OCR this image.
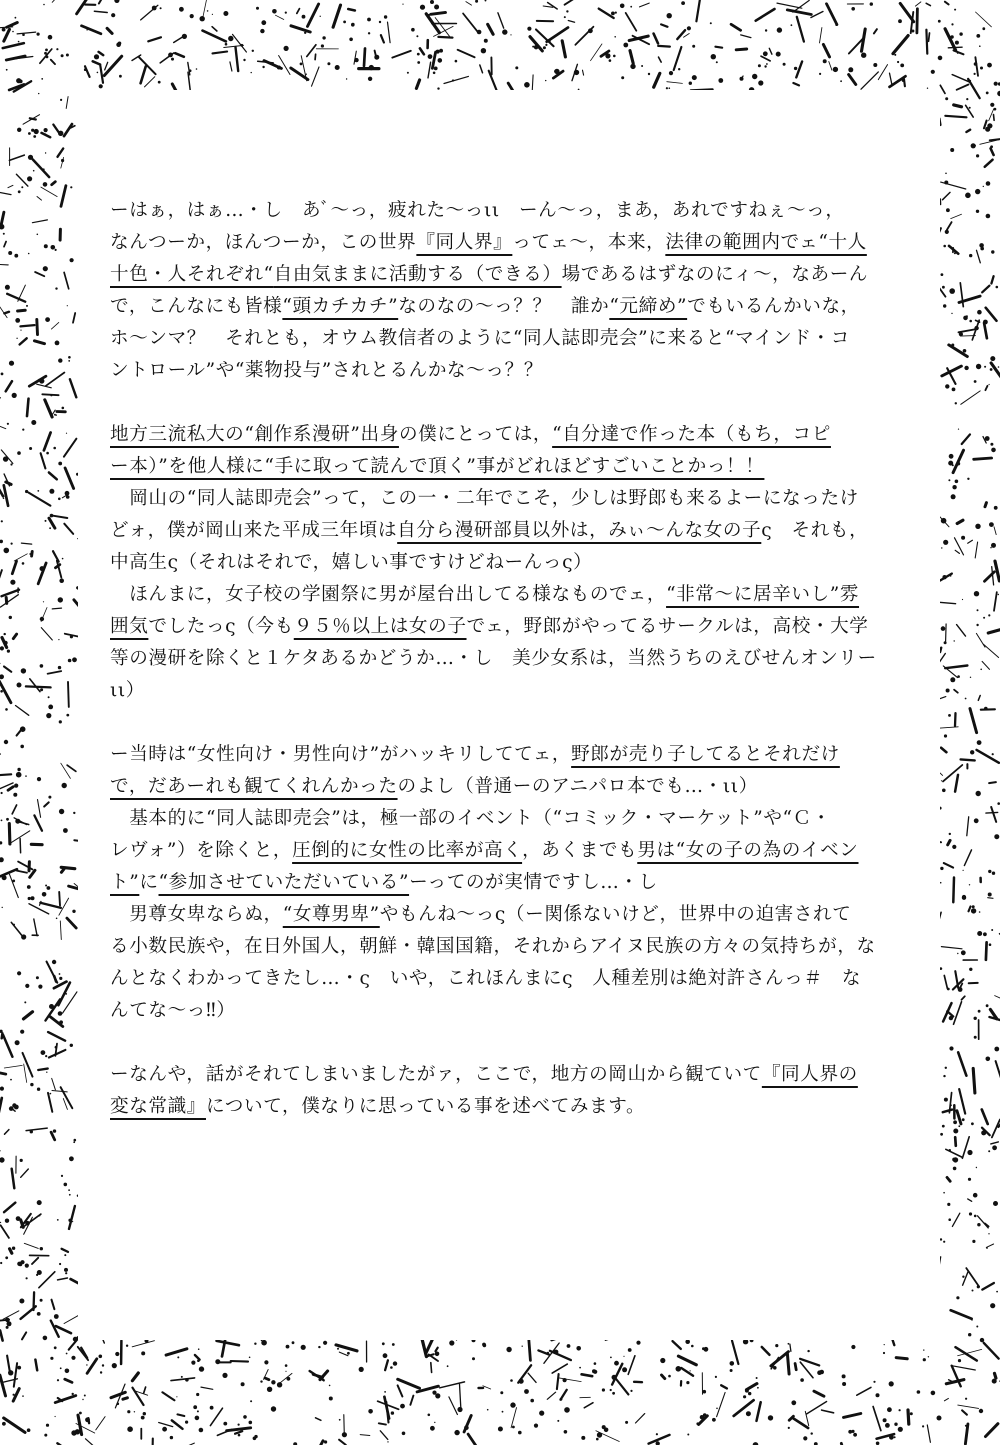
ーはぁ，はぁ…・し　あ～っ，疲れた～っιι　ーん～っ，まあ，あれですねぇ～っ，
なんつーか，ほんつーか，この世界『同人界』ってェ～，本来，法律の範囲内でェ“十人
十色・人それぞれ“自由気ままに活動する（できる）場であるはずなのにィ～，なあーん
で，こんなにも皆様“頭カチカチ”なのなの～っ？？　誰か“元締め”でもいるんかいな，
ホ～ンマ？　それとも，オウム教信者のように“同人誌即売会”に来ると“マインド・コ
ントロール”や“薬物投与”されとるんかな～っ？？
地方三流私大の“創作系漫研”出身の僕にとっては，“自分達で作った本（もち，コピ
ー本）”を他人様に“手に取って読んで頂く”事がどれほどすごいことかっ！！
　岡山の“同人誌即売会”って，この一・二年でこそ，少しは野郎も来るよーになったけ
どォ，僕が岡山来た平成三年頃は自分ら漫研部員以外は，みぃ～んな女の子ς　それも，
中高生ς（それはそれで，嬉しい事ですけどねーんっς）
　ほんまに，女子校の学園祭に男が屋台出してる様なものでェ，“非常～に居辛いし”雰
囲気でしたっς（今も９５％以上は女の子でェ，野郎がやってるサークルは，高校・大学
等の漫研を除くと１ケタあるかどうか…・し　美少女系は，当然うちのえびせんオンリー
ιι）
ー当時は“女性向け・男性向け”がハッキリしててェ，野郎が売り子してるとそれだけ
で，だあーれも観てくれんかったのよし（普通ーのアニパロ本でも…・ιι）
　基本的に“同人誌即売会”は，極一部のイベント（“コミック・マーケット”や“Ｃ・
レヴォ”）を除くと，圧倒的に女性の比率が高く，あくまでも男は“女の子の為のイベン
ト”に“参加させていただいている”ーってのが実情ですし…・し
　男尊女卑ならぬ，“女尊男卑”やもんね～っς（ー関係ないけど，世界中の迫害されて
る小数民族や，在日外国人，朝鮮・韓国国籍，それからアイヌ民族の方々の気持ちが，な
んとなくわかってきたし…・ς　いや，これほんまにς　人種差別は絶対許さんっ＃　な
んてな～っ‼）
ーなんや，話がそれてしまいましたがァ，ここで，地方の岡山から観ていて『同人界の
変な常識』について，僕なりに思っている事を述べてみます。
